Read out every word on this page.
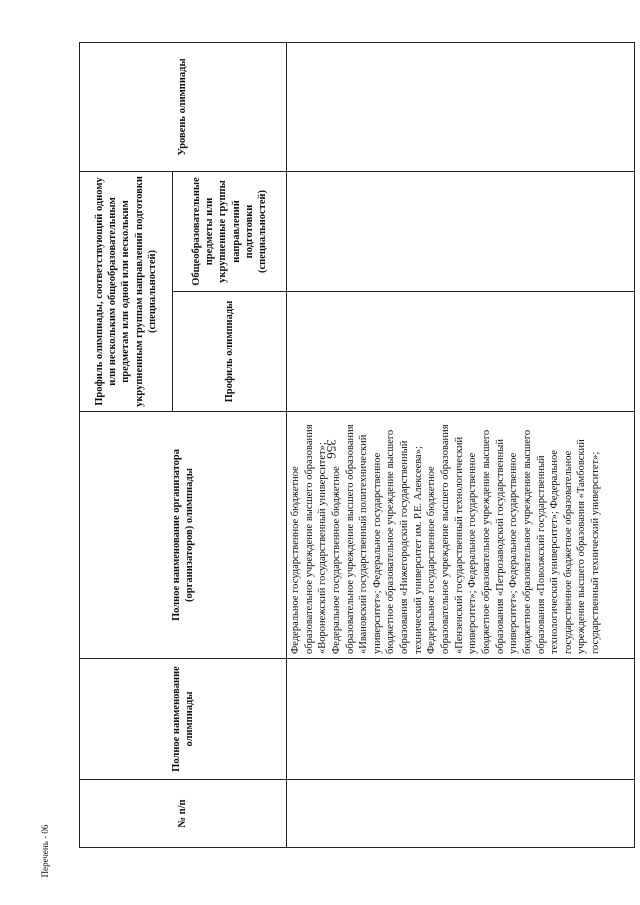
356
Перечень - 06
№ п/п	Полное наименование олимпиады	Полное наименование организатора (организаторов) олимпиады	Профиль олимпиады, соответствующий одному или нескольким общеобразовательным предметам или одной или нескольким укрупненным группам направлений подготовки (специальностей)		Уровень олимпиады
			Профиль олимпиады	Общеобразовательные предметы или укрупненные группы направлений подготовки (специальностей)	
		Федеральное государственное бюджетное образовательное учреждение высшего образования «Воронежский государственный университет»; Федеральное государственное бюджетное образовательное учреждение высшего образования «Ивановский государственный политехнический университет»; Федеральное государственное бюджетное образовательное учреждение высшего образования «Нижегородский государственный технический университет им. Р.Е. Алексеева»; Федеральное государственное бюджетное образовательное учреждение высшего образования «Пензенский государственный технологический университет»; Федеральное государственное бюджетное образовательное учреждение высшего образования «Петрозаводский государственный университет»; Федеральное государственное бюджетное образовательное учреждение высшего образования «Поволжский государственный технологический университет»; Федеральное государственное бюджетное образовательное учреждение высшего образования «Тамбовский государственный технический университет»;			
